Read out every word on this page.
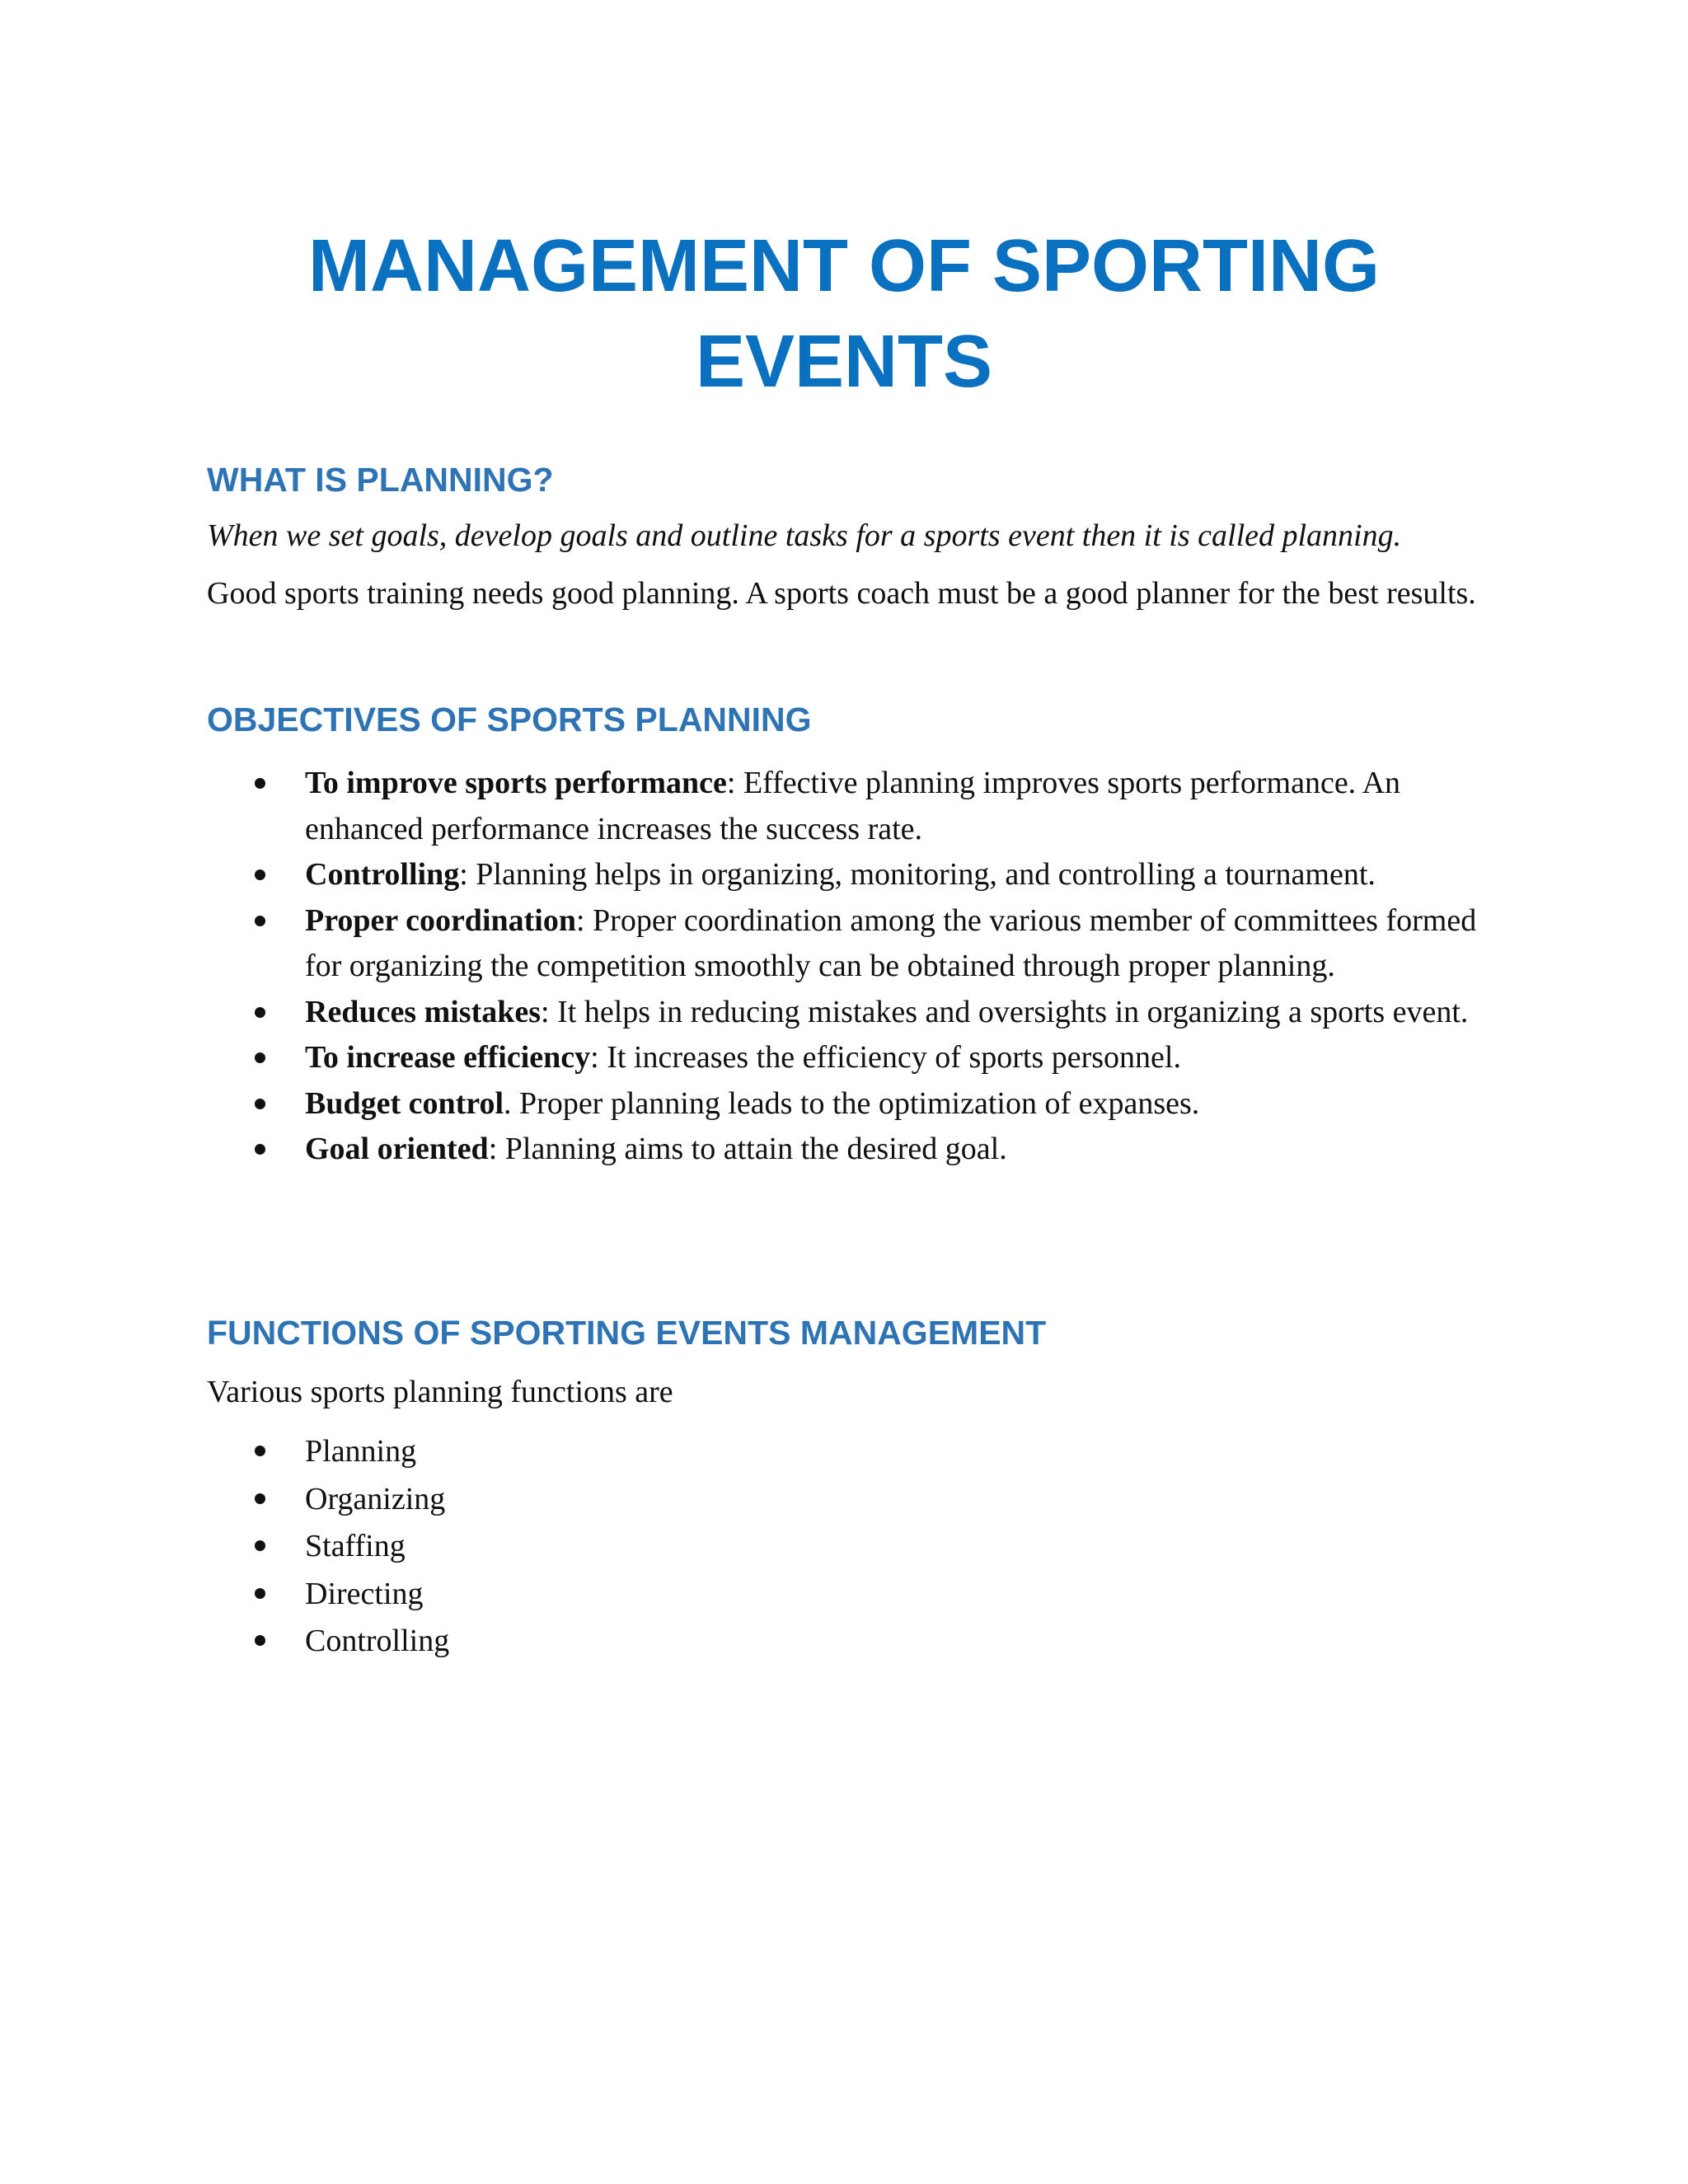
MANAGEMENT OF SPORTING
EVENTS
WHAT IS PLANNING?

When we set goals, develop goals and outline tasks for a sports event then it is called planning.

Good sports training needs good planning. A sports coach must be a good planner for the best results.

OBJECTIVES OF SPORTS PLANNING
To improve sports performance: Effective planning improves sports performance. An enhanced performance increases the success rate.
Controlling: Planning helps in organizing, monitoring, and controlling a tournament.
Proper coordination: Proper coordination among the various member of committees formed for organizing the competition smoothly can be obtained through proper planning.
Reduces mistakes: It helps in reducing mistakes and oversights in organizing a sports event.
To increase efficiency: It increases the efficiency of sports personnel.
Budget control. Proper planning leads to the optimization of expanses.
Goal oriented: Planning aims to attain the desired goal.
FUNCTIONS OF SPORTING EVENTS MANAGEMENT

Various sports planning functions are

Planning
Organizing
Staffing
Directing
Controlling
